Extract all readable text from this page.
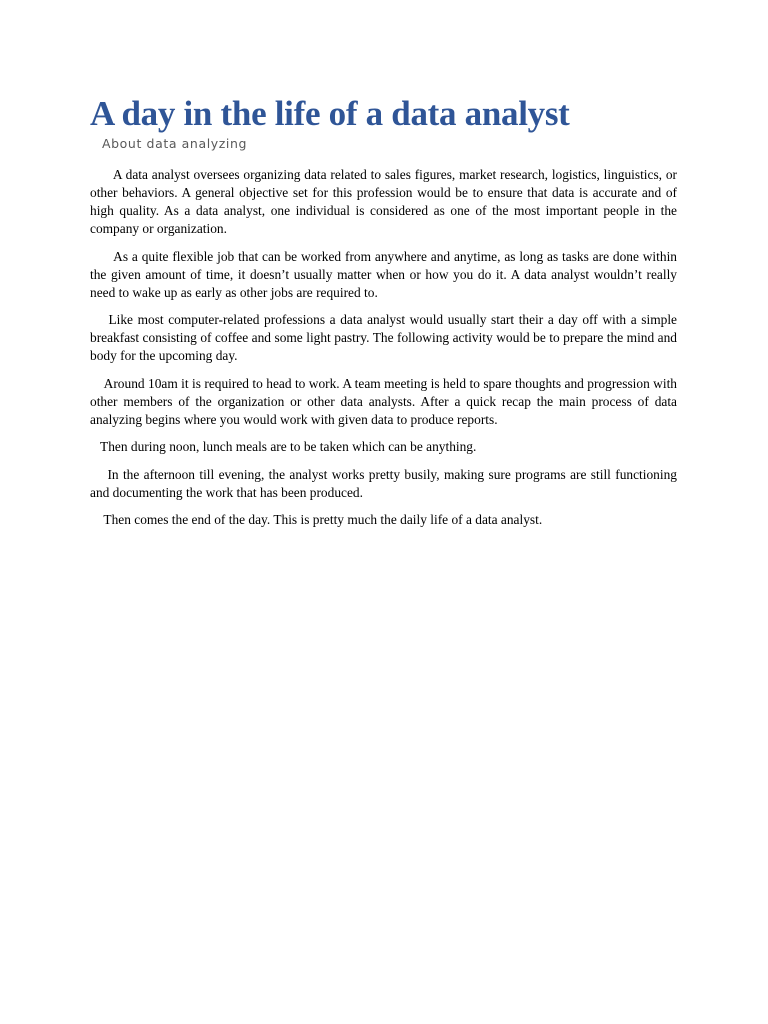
A day in the life of a data analyst
About data analyzing

A data analyst oversees organizing data related to sales figures, market research, logistics, linguistics, or other behaviors. A general objective set for this profession would be to ensure that data is accurate and of high quality. As a data analyst, one individual is considered as one of the most important people in the company or organization.

As a quite flexible job that can be worked from anywhere and anytime, as long as tasks are done within the given amount of time, it doesn’t usually matter when or how you do it. A data analyst wouldn’t really need to wake up as early as other jobs are required to.

Like most computer-related professions a data analyst would usually start their a day off with a simple breakfast consisting of coffee and some light pastry. The following activity would be to prepare the mind and body for the upcoming day.

Around 10am it is required to head to work. A team meeting is held to spare thoughts and progression with other members of the organization or other data analysts. After a quick recap the main process of data analyzing begins where you would work with given data to produce reports.

Then during noon, lunch meals are to be taken which can be anything.

In the afternoon till evening, the analyst works pretty busily, making sure programs are still functioning and documenting the work that has been produced.

Then comes the end of the day. This is pretty much the daily life of a data analyst.
